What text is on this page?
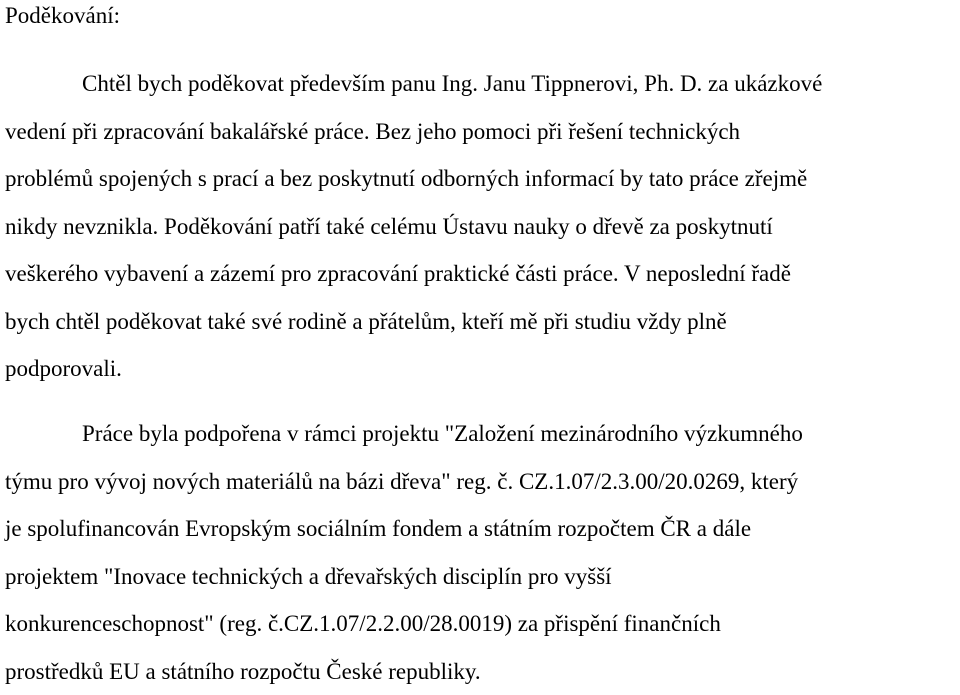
Poděkování:
Chtěl bych poděkovat především panu Ing. Janu Tippnerovi, Ph. D. za ukázkové
vedení při zpracování bakalářské práce. Bez jeho pomoci při řešení technických
problémů spojených s prací a bez poskytnutí odborných informací by tato práce zřejmě
nikdy nevznikla. Poděkování patří také celému Ústavu nauky o dřevě za poskytnutí
veškerého vybavení a zázemí pro zpracování praktické části práce. V neposlední řadě
bych chtěl poděkovat také své rodině a přátelům, kteří mě při studiu vždy plně
podporovali.
Práce byla podpořena v rámci projektu "Založení mezinárodního výzkumného
týmu pro vývoj nových materiálů na bázi dřeva" reg. č. CZ.1.07/2.3.00/20.0269, který
je spolufinancován Evropským sociálním fondem a státním rozpočtem ČR a dále
projektem "Inovace technických a dřevařských disciplín pro vyšší
konkurenceschopnost" (reg. č.CZ.1.07/2.2.00/28.0019) za přispění finančních
prostředků EU a státního rozpočtu České republiky.
